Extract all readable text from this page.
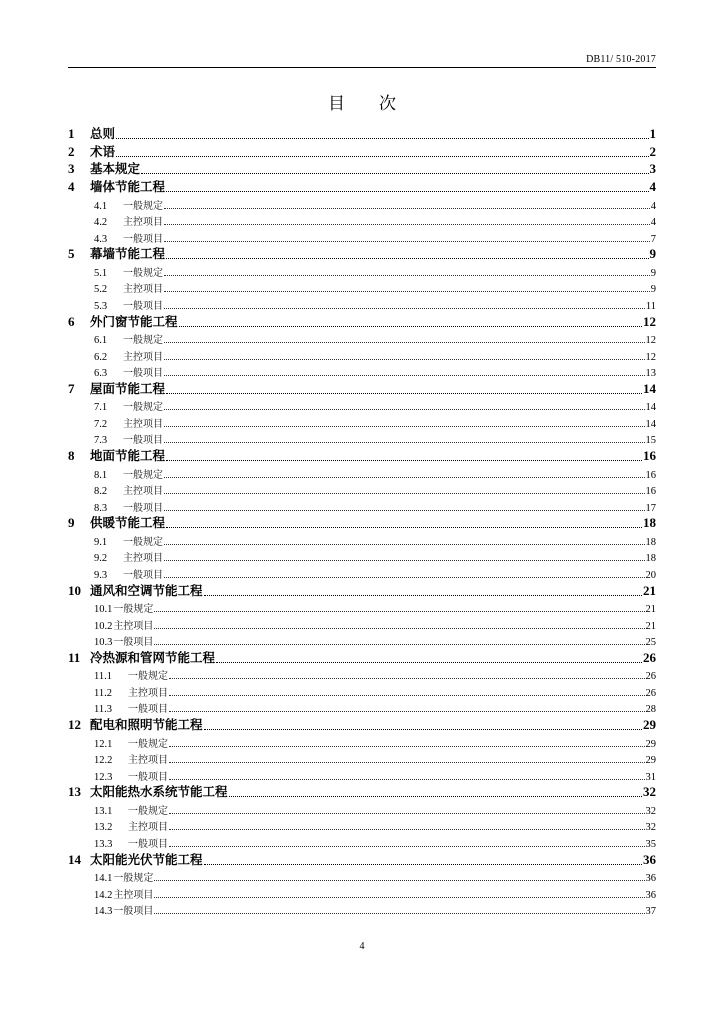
DB11/ 510-2017
目次
1	总则	1
2	术语	2
3	基本规定	3
4	墙体节能工程	4
4.1	一般规定	4
4.2	主控项目	4
4.3	一般项目	7
5	幕墙节能工程	9
5.1	一般规定	9
5.2	主控项目	9
5.3	一般项目	11
6	外门窗节能工程	12
6.1	一般规定	12
6.2	主控项目	12
6.3	一般项目	13
7	屋面节能工程	14
7.1	一般规定	14
7.2	主控项目	14
7.3	一般项目	15
8	地面节能工程	16
8.1	一般规定	16
8.2	主控项目	16
8.3	一般项目	17
9	供暖节能工程	18
9.1	一般规定	18
9.2	主控项目	18
9.3	一般项目	20
10 通风和空调节能工程	21
10.1 一般规定	21
10.2 主控项目	21
10.3 一般项目	25
11 冷热源和管网节能工程	26
11.1	一般规定	26
11.2	主控项目	26
11.3	一般项目	28
12 配电和照明节能工程	29
12.1	一般规定	29
12.2	主控项目	29
12.3	一般项目	31
13 太阳能热水系统节能工程	32
13.1	一般规定	32
13.2	主控项目	32
13.3	一般项目	35
14 太阳能光伏节能工程	36
14.1 一般规定	36
14.2 主控项目	36
14.3 一般项目	37
4
